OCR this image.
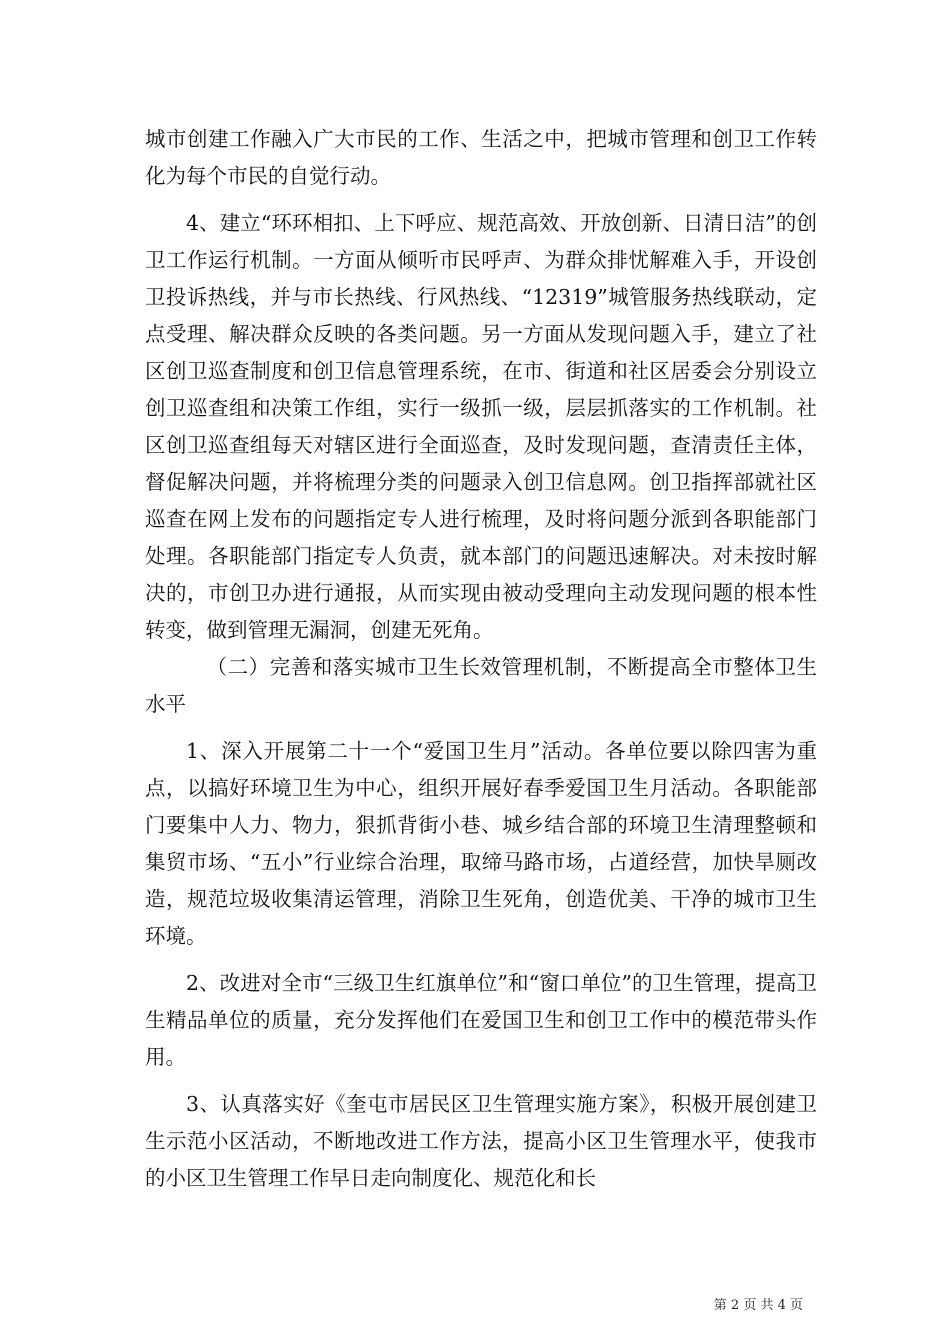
城市创建工作融入广大市民的工作、生活之中，把城市管理和创卫工作转化为每个市民的自觉行动。

4、建立“环环相扣、上下呼应、规范高效、开放创新、日清日洁”的创卫工作运行机制。一方面从倾听市民呼声、为群众排忧解难入手，开设创卫投诉热线，并与市长热线、行风热线、“12319”城管服务热线联动，定点受理、解决群众反映的各类问题。另一方面从发现问题入手，建立了社区创卫巡查制度和创卫信息管理系统，在市、街道和社区居委会分别设立创卫巡查组和决策工作组，实行一级抓一级，层层抓落实的工作机制。社区创卫巡查组每天对辖区进行全面巡查，及时发现问题，查清责任主体，督促解决问题，并将梳理分类的问题录入创卫信息网。创卫指挥部就社区巡查在网上发布的问题指定专人进行梳理，及时将问题分派到各职能部门处理。各职能部门指定专人负责，就本部门的问题迅速解决。对未按时解决的，市创卫办进行通报，从而实现由被动受理向主动发现问题的根本性转变，做到管理无漏洞，创建无死角。

（二）完善和落实城市卫生长效管理机制，不断提高全市整体卫生水平

1、深入开展第二十一个“爱国卫生月”活动。各单位要以除四害为重点，以搞好环境卫生为中心，组织开展好春季爱国卫生月活动。各职能部门要集中人力、物力，狠抓背街小巷、城乡结合部的环境卫生清理整顿和集贸市场、“五小”行业综合治理，取缔马路市场，占道经营，加快旱厕改造，规范垃圾收集清运管理，消除卫生死角，创造优美、干净的城市卫生环境。

2、改进对全市“三级卫生红旗单位”和“窗口单位”的卫生管理，提高卫生精品单位的质量，充分发挥他们在爱国卫生和创卫工作中的模范带头作用。

3、认真落实好《奎屯市居民区卫生管理实施方案》，积极开展创建卫生示范小区活动，不断地改进工作方法，提高小区卫生管理水平，使我市的小区卫生管理工作早日走向制度化、规范化和长

第 2 页 共 4 页
